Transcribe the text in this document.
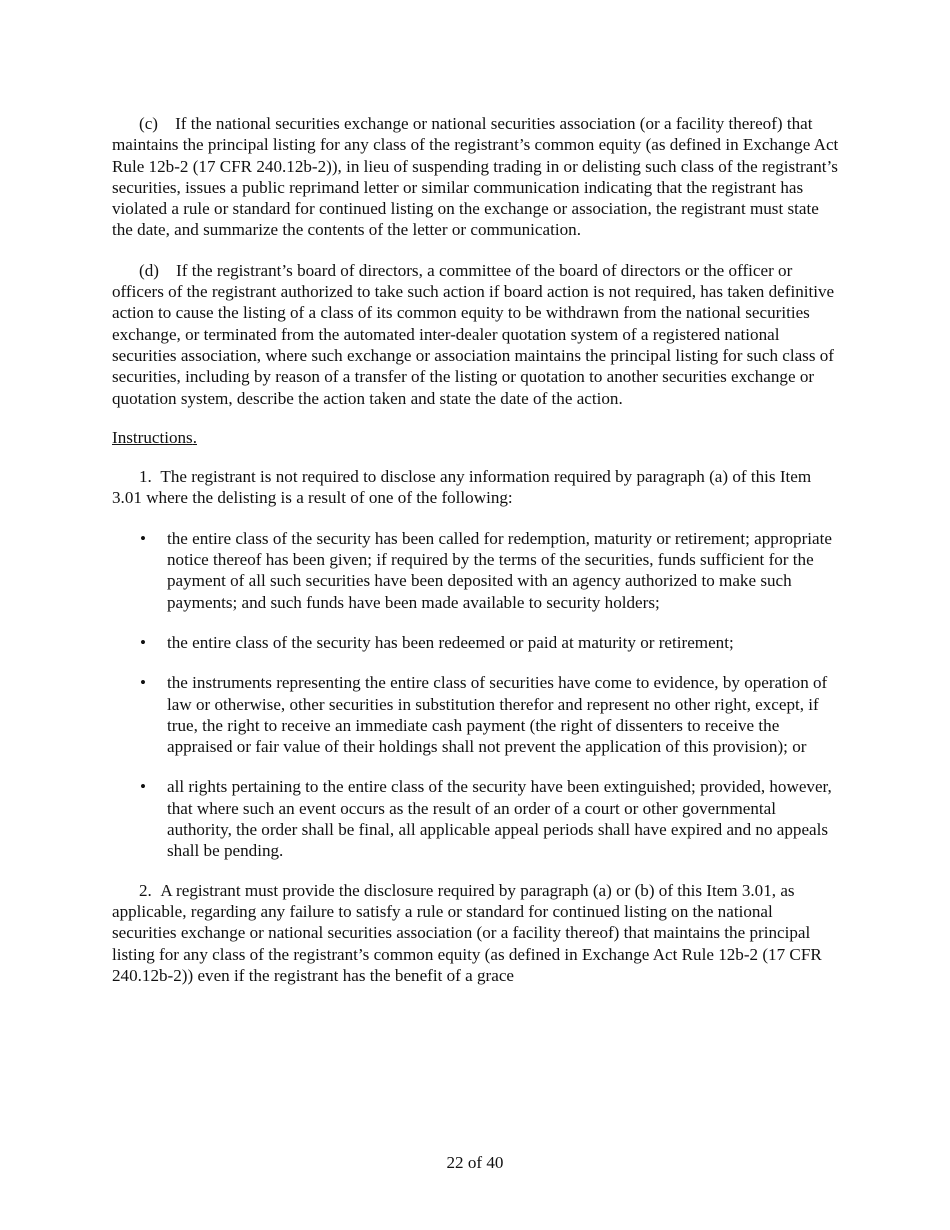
(c) If the national securities exchange or national securities association (or a facility thereof) that maintains the principal listing for any class of the registrant’s common equity (as defined in Exchange Act Rule 12b-2 (17 CFR 240.12b-2)), in lieu of suspending trading in or delisting such class of the registrant’s securities, issues a public reprimand letter or similar communication indicating that the registrant has violated a rule or standard for continued listing on the exchange or association, the registrant must state the date, and summarize the contents of the letter or communication.

(d) If the registrant’s board of directors, a committee of the board of directors or the officer or officers of the registrant authorized to take such action if board action is not required, has taken definitive action to cause the listing of a class of its common equity to be withdrawn from the national securities exchange, or terminated from the automated inter-dealer quotation system of a registered national securities association, where such exchange or association maintains the principal listing for such class of securities, including by reason of a transfer of the listing or quotation to another securities exchange or quotation system, describe the action taken and state the date of the action.

Instructions.

1. The registrant is not required to disclose any information required by paragraph (a) of this Item 3.01 where the delisting is a result of one of the following:

• the entire class of the security has been called for redemption, maturity or retirement; appropriate notice thereof has been given; if required by the terms of the securities, funds sufficient for the payment of all such securities have been deposited with an agency authorized to make such payments; and such funds have been made available to security holders;
• the entire class of the security has been redeemed or paid at maturity or retirement;
• the instruments representing the entire class of securities have come to evidence, by operation of law or otherwise, other securities in substitution therefor and represent no other right, except, if true, the right to receive an immediate cash payment (the right of dissenters to receive the appraised or fair value of their holdings shall not prevent the application of this provision); or
• all rights pertaining to the entire class of the security have been extinguished; provided, however, that where such an event occurs as the result of an order of a court or other governmental authority, the order shall be final, all applicable appeal periods shall have expired and no appeals shall be pending.

2. A registrant must provide the disclosure required by paragraph (a) or (b) of this Item 3.01, as applicable, regarding any failure to satisfy a rule or standard for continued listing on the national securities exchange or national securities association (or a facility thereof) that maintains the principal listing for any class of the registrant’s common equity (as defined in Exchange Act Rule 12b-2 (17 CFR 240.12b-2)) even if the registrant has the benefit of a grace

22 of 40
